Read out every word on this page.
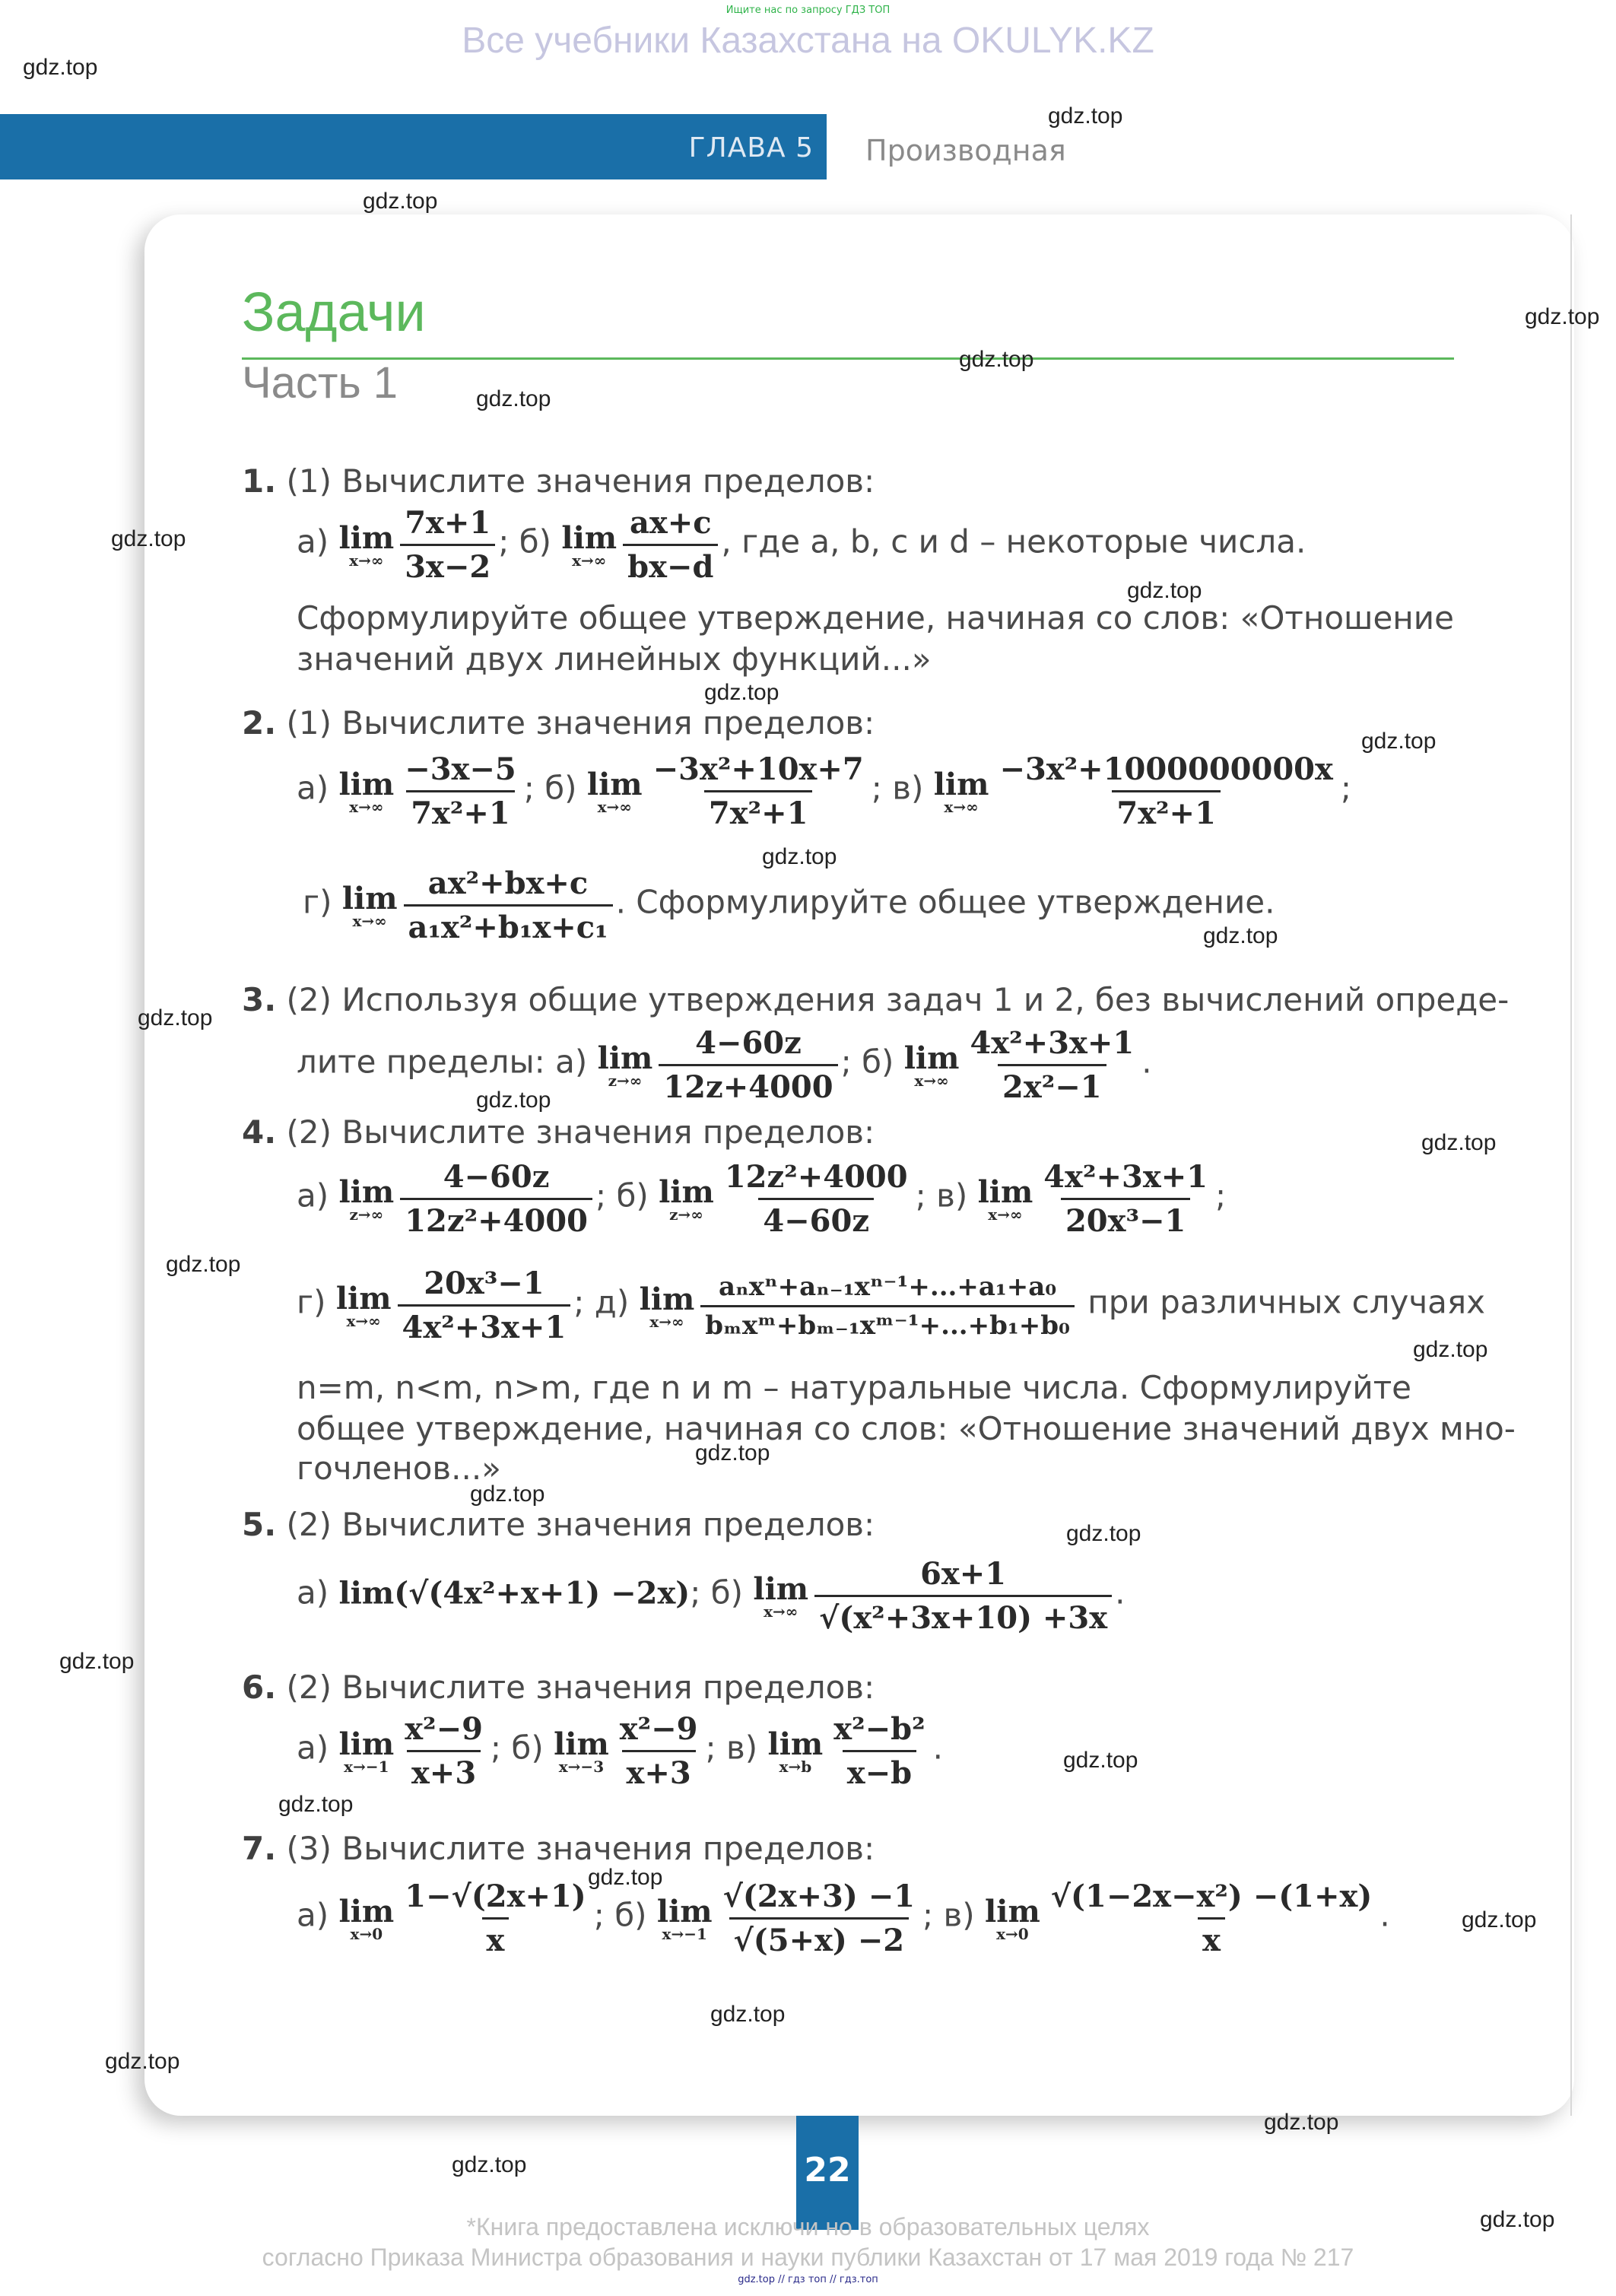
Ищите нас по запросу ГДЗ ТОП
Все учебники Казахстана на OKULYK.KZ
ГЛАВА 5 Производная
Задачи
Часть 1
1. (1) Вычислите значения пределов:
а) lim
$x\to\infty \frac{7x+1}{3x-2}$ ; б) lim
$x\to\infty \frac{ax+c}{bx-d}$ , где a, b, c и d – некоторые числа.
Сформулируйте общее утверждение, начиная со слов: «Отношение
значений двух линейных функций...»
2. (1) Вычислите значения пределов:
а) lim
$x\to\infty \frac{-3x-5}{\text{7x²+1}}$ ; б) lim
$x\to\infty \frac{\text{−3x²+10x+7}}{\text{7x²+1}}$ ; в) lim
$x\to\infty \frac{\text{−3x²+1000000000x}}{\text{7x²+1}}$ ;
г) lim
$x\to\infty \frac{\text{ax²+bx+c}}{\text{a₁x²+b₁x+c₁}}$ . Сформулируйте общее утверждение.
3. (2) Используя общие утверждения задач 1 и 2, без вычислений опреде-
лите пределы: а) lim
$z\to\infty \frac{4-60z}{12z+4000}$ ; б) lim
$x\to\infty \frac{\text{4x²+3x+1}}{\text{2x²−1}}$ .
4. (2) Вычислите значения пределов:
а) lim
$z\to\infty \frac{4-60z}{\text{12z²+4000}}$ ; б) lim
$z\to\infty \frac{\text{12z²+4000}}{4-60z}$ ; в) lim
$x\to\infty \frac{\text{4x²+3x+1}}{\text{20x³−1}}$ ;
г) lim
$x\to\infty \frac{\text{20x³−1}}{\text{4x²+3x+1}}$ ; д) lim
$x\to\infty \frac{\text{aₙxⁿ+aₙ₋₁xⁿ⁻¹+...+a₁+a₀}}{\text{bₘxᵐ+bₘ₋₁xᵐ⁻¹+...+b₁+b₀}}$ при различных случаях
n=m, n<m, n>m, где n и m – натуральные числа. Сформулируйте
общее утверждение, начиная со слов: «Отношение значений двух мно-
гочленов...»
5. (2) Вычислите значения пределов:
а) lim(√(4x²+x+1) −2x); б) lim
$x\to\infty \frac{6x+1}{\text{√(x²+3x+10) +3x}}$ .
6. (2) Вычислите значения пределов:
а) lim
$x\to-1 \frac{\text{x²−9}}{x+3}$ ; б) lim
$x\to-3 \frac{\text{x²−9}}{x+3}$ ; в) lim
$x\to b \frac{\text{x²−b²}}{x-b}$ .
7. (3) Вычислите значения пределов:
а) lim
$x\to 0 \frac{1-√(2x+1)}{x}$ ; б) lim
$x\to-1 \frac{√(2x+3) -1}{√(5+x) -2}$ ; в) lim
$x\to 0 \frac{\text{√(1−2x−x²) −(1+x)}}{x}$ .
22
*Книга предоставлена исключи но в образовательных целях
согласно Приказа Министра образования и науки публики Казахстан от 17 мая 2019 года № 217
gdz.top // гдз топ // гдз.топ
gdz.top
gdz.top
gdz.top
gdz.top
gdz.top
gdz.top
gdz.top
gdz.top
gdz.top
gdz.top
gdz.top
gdz.top
gdz.top
gdz.top
gdz.top
gdz.top
gdz.top
gdz.top
gdz.top
gdz.top
gdz.top
gdz.top
gdz.top
gdz.top
gdz.top
gdz.top
gdz.top
gdz.top
gdz.top
gdz.top
